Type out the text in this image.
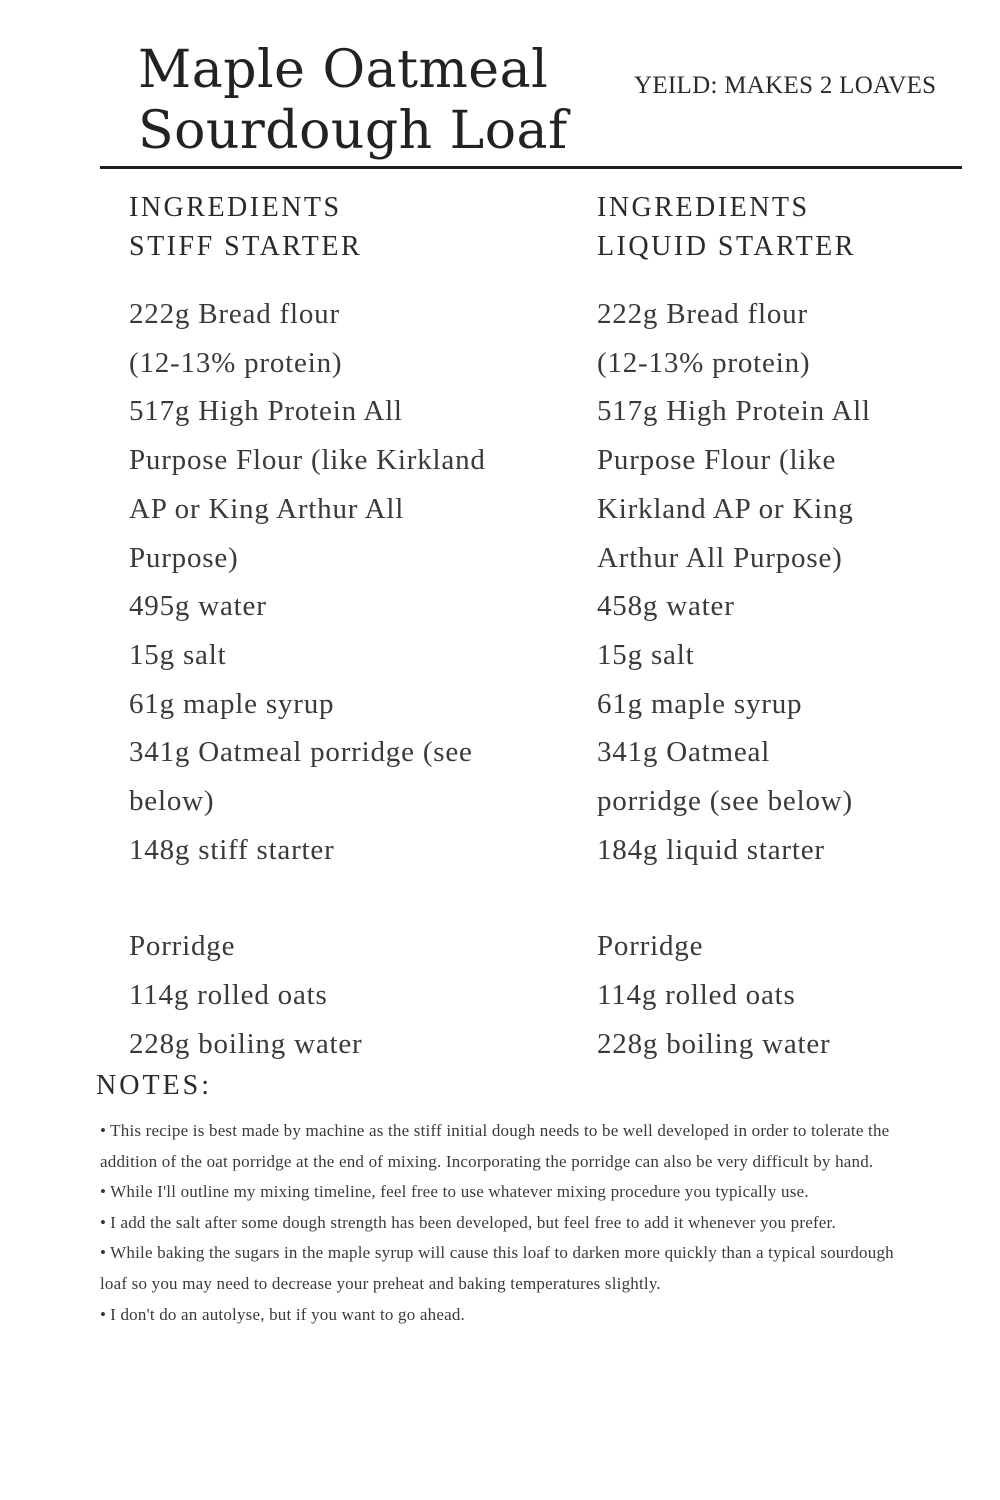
Maple Oatmeal
Sourdough Loaf
YEILD: MAKES 2 LOAVES
INGREDIENTS
STIFF STARTER
222g Bread flour
(12-13% protein)
517g High Protein All
Purpose Flour (like Kirkland
AP or King Arthur All
Purpose)
495g water
15g salt
61g maple syrup
341g Oatmeal porridge (see
below)
148g stiff starter
Porridge
114g rolled oats
228g boiling water
INGREDIENTS
LIQUID STARTER
222g Bread flour
(12-13% protein)
517g High Protein All
Purpose Flour (like
Kirkland AP or King
Arthur All Purpose)
458g water
15g salt
61g maple syrup
341g Oatmeal
porridge (see below)
184g liquid starter
Porridge
114g rolled oats
228g boiling water
NOTES:
• This recipe is best made by machine as the stiff initial dough needs to be well developed in order to tolerate the addition of the oat porridge at the end of mixing. Incorporating the porridge can also be very difficult by hand.
• While I'll outline my mixing timeline, feel free to use whatever mixing procedure you typically use.
• I add the salt after some dough strength has been developed, but feel free to add it whenever you prefer.
• While baking the sugars in the maple syrup will cause this loaf to darken more quickly than a typical sourdough loaf so you may need to decrease your preheat and baking temperatures slightly.
• I don't do an autolyse, but if you want to go ahead.
